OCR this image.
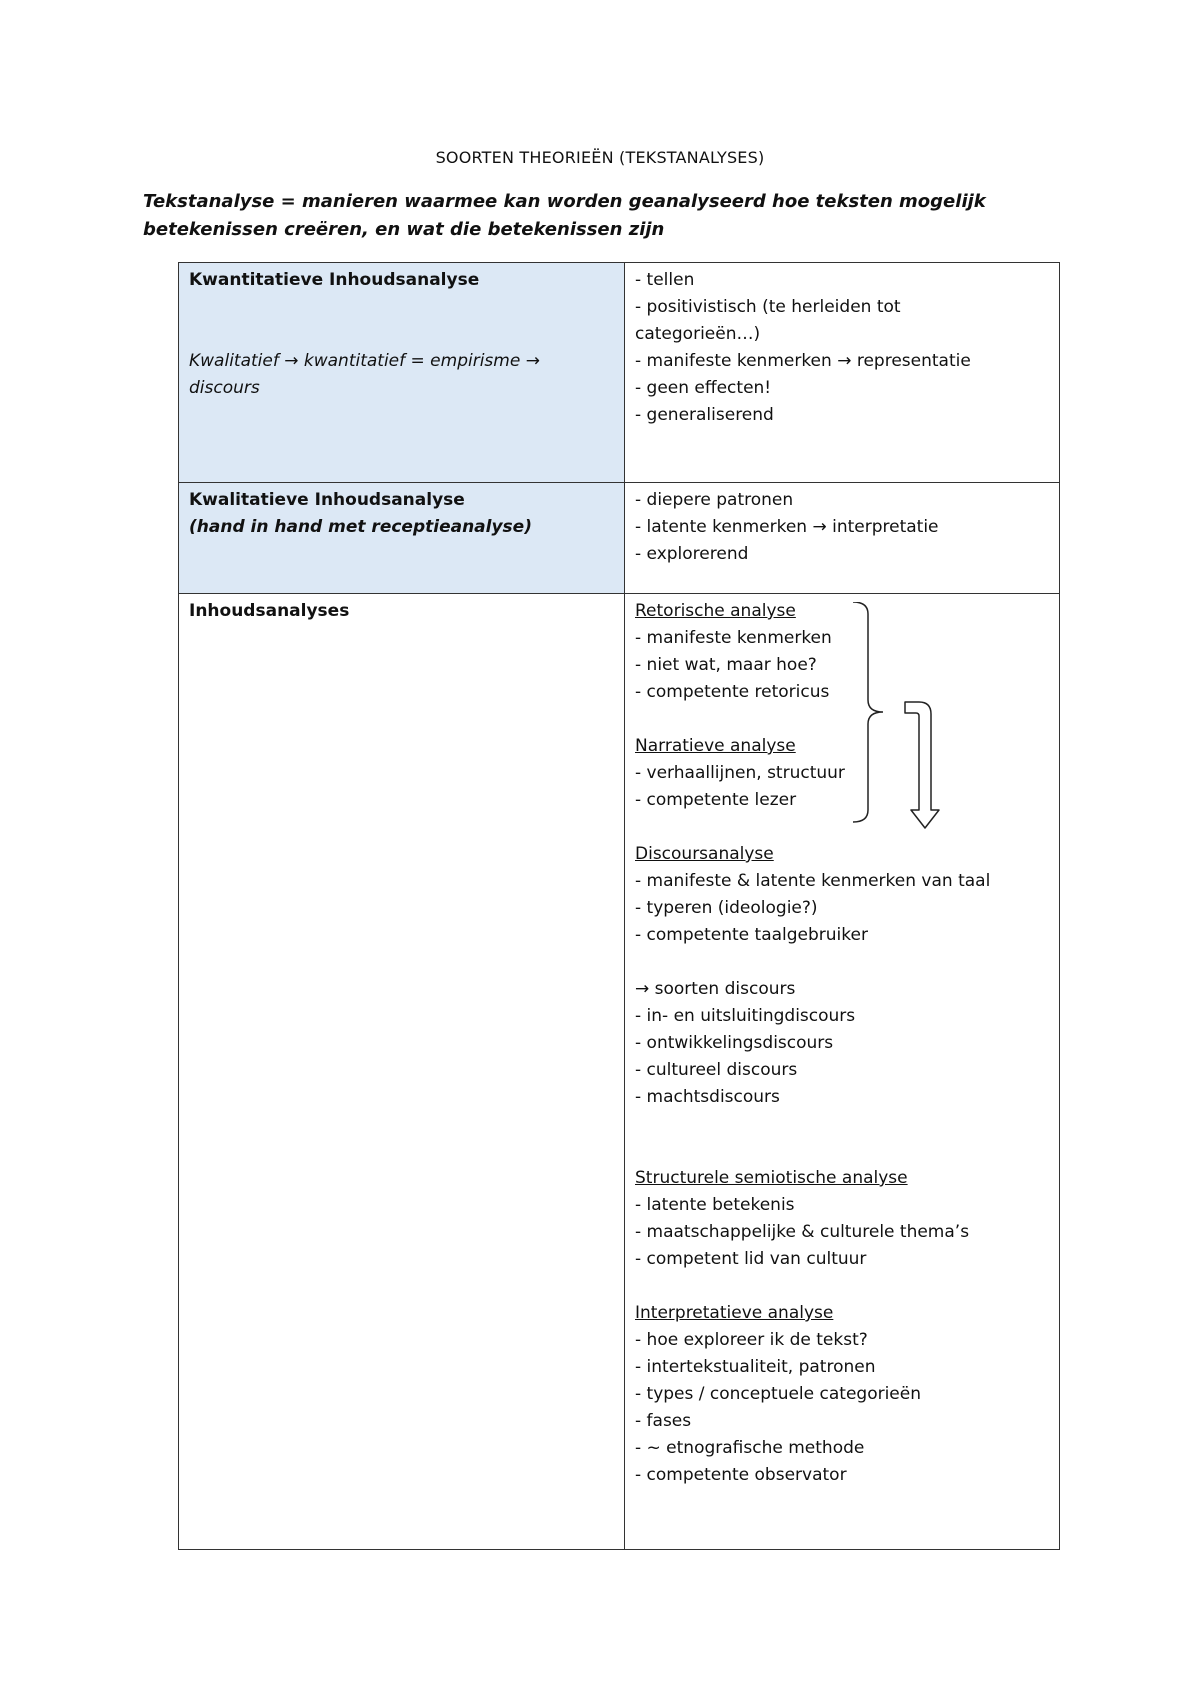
SOORTEN THEORIEËN (TEKSTANALYSES)
Tekstanalyse = manieren waarmee kan worden geanalyseerd hoe teksten mogelijk betekenissen creëren, en wat die betekenissen zijn
Kwantitatieve Inhoudsanalyse
Kwalitatief → kwantitatief = empirisme → discours
- tellen
- positivistisch (te herleiden tot categorieën…)
- manifeste kenmerken → representatie
- geen effecten!
- generaliserend
Kwalitatieve Inhoudsanalyse
(hand in hand met receptieanalyse)
- diepere patronen
- latente kenmerken → interpretatie
- explorerend
Inhoudsanalyses	Retorische analyse
- manifeste kenmerken
- niet wat, maar hoe?
- competente retoricus
Narratieve analyse
- verhaallijnen, structuur
- competente lezer
Discoursanalyse
- manifeste & latente kenmerken van taal
- typeren (ideologie?)
- competente taalgebruiker
→ soorten discours
- in- en uitsluitingdiscours
- ontwikkelingsdiscours
- cultureel discours
- machtsdiscours
Structurele semiotische analyse
- latente betekenis
- maatschappelijke & culturele thema’s
- competent lid van cultuur
Interpretatieve analyse
- hoe exploreer ik de tekst?
- intertekstualiteit, patronen
- types / conceptuele categorieën
- fases
- ~ etnografische methode
- competente observator
